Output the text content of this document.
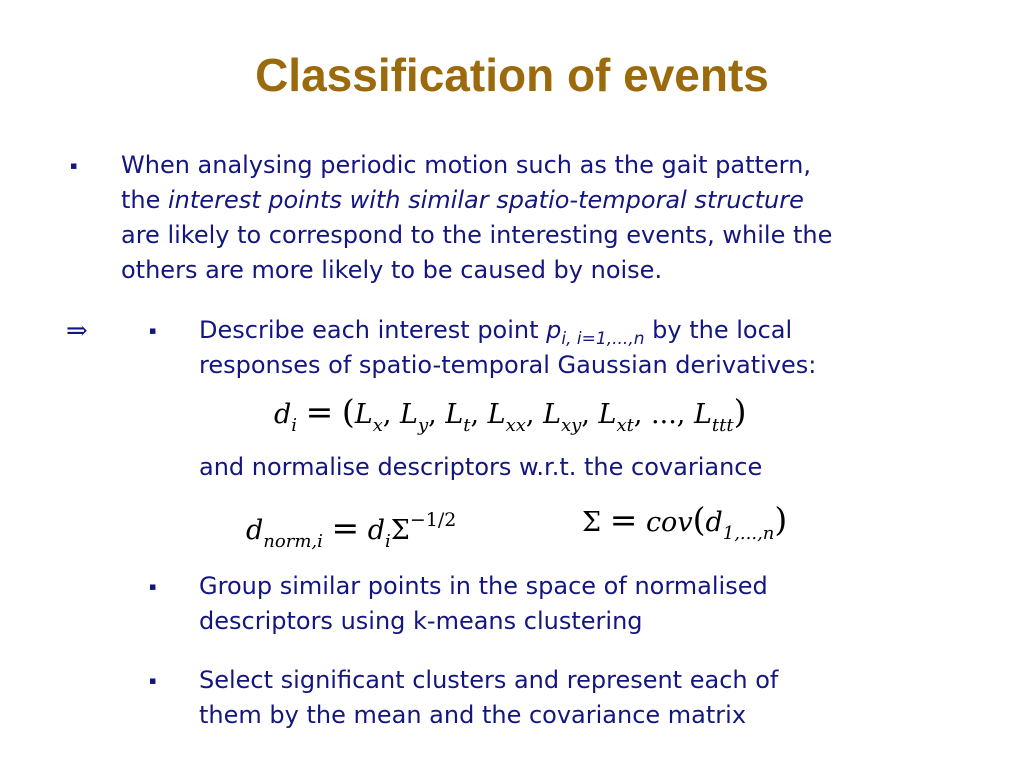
Classification of events
▪ When analysing periodic motion such as the gait pattern,
the interest points with similar spatio-temporal structure
are likely to correspond to the interesting events, while the
others are more likely to be caused by noise.
⇒	▪ Describe each interest point $p_{i, i=1,...,n}$ by the local
responses of spatio-temporal Gaussian derivatives:
$d_i = (L_x$, $L_y$, $L_t$, $L_{xx}$, $L_{xy}$, $L_{xt}$, ..., $L_{ttt}$)
and normalise descriptors w.r.t. the covariance
$d_{norm,i} = d_i\Sigma^{-1/2}$	$\Sigma = cov(d_{1,...,n})$
▪ Group similar points in the space of normalised
descriptors using k-means clustering
▪ Select significant clusters and represent each of
them by the mean and the covariance matrix
